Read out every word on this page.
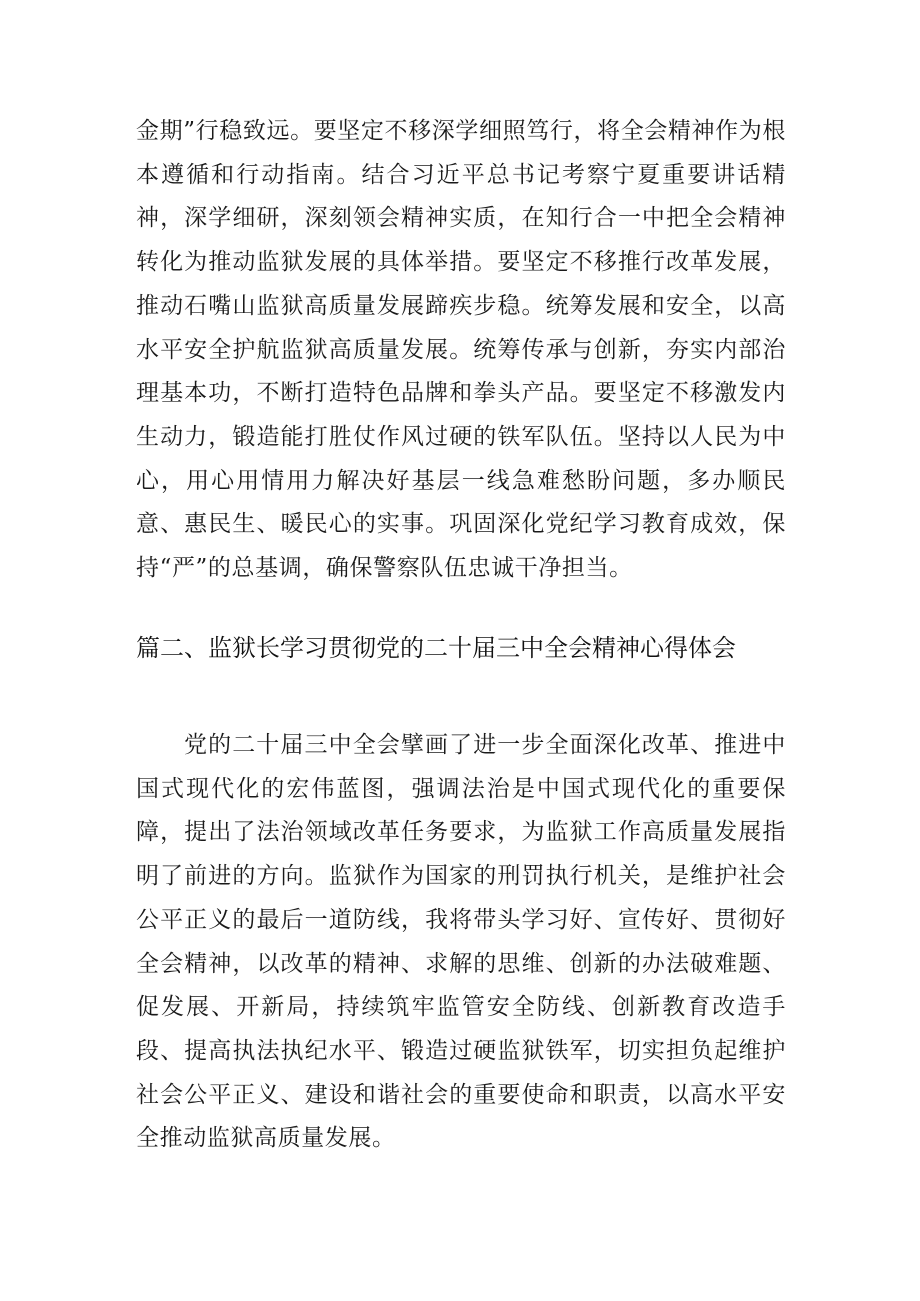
金期”行稳致远。要坚定不移深学细照笃行，将全会精神作为根本遵循和行动指南。结合习近平总书记考察宁夏重要讲话精神，深学细研，深刻领会精神实质，在知行合一中把全会精神转化为推动监狱发展的具体举措。要坚定不移推行改革发展，推动石嘴山监狱高质量发展蹄疾步稳。统筹发展和安全，以高水平安全护航监狱高质量发展。统筹传承与创新，夯实内部治理基本功，不断打造特色品牌和拳头产品。要坚定不移激发内生动力，锻造能打胜仗作风过硬的铁军队伍。坚持以人民为中心，用心用情用力解决好基层一线急难愁盼问题，多办顺民意、惠民生、暖民心的实事。巩固深化党纪学习教育成效，保持“严”的总基调，确保警察队伍忠诚干净担当。

篇二、监狱长学习贯彻党的二十届三中全会精神心得体会

党的二十届三中全会擘画了进一步全面深化改革、推进中国式现代化的宏伟蓝图，强调法治是中国式现代化的重要保障，提出了法治领域改革任务要求，为监狱工作高质量发展指明了前进的方向。监狱作为国家的刑罚执行机关，是维护社会公平正义的最后一道防线，我将带头学习好、宣传好、贯彻好全会精神，以改革的精神、求解的思维、创新的办法破难题、促发展、开新局，持续筑牢监管安全防线、创新教育改造手段、提高执法执纪水平、锻造过硬监狱铁军，切实担负起维护社会公平正义、建设和谐社会的重要使命和职责，以高水平安全推动监狱高质量发展。
